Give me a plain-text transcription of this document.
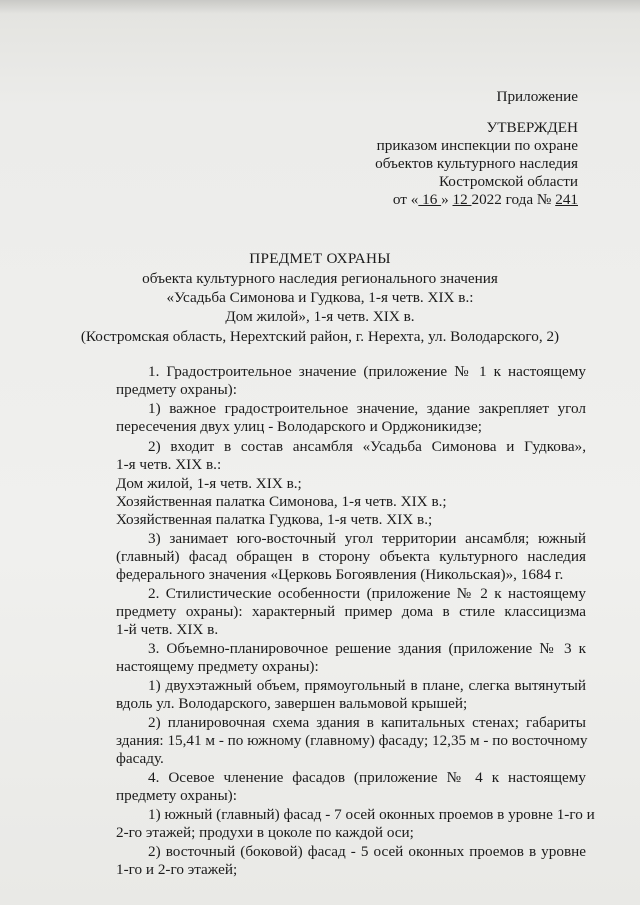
Приложение
УТВЕРЖДЕН
приказом инспекции по охране
объектов культурного наследия
Костромской области
от « 16 » 12 2022 года № 241
ПРЕДМЕТ ОХРАНЫ
объекта культурного наследия регионального значения
«Усадьба Симонова и Гудкова, 1-я четв. XIX в.:
Дом жилой», 1-я четв. XIX в.
(Костромская область, Нерехтский район, г. Нерехта, ул. Володарского, 2)
1. Градостроительное значение (приложение № 1 к настоящему
предмету охраны):
1) важное градостроительное значение, здание закрепляет угол
пересечения двух улиц - Володарского и Орджоникидзе;
2) входит в состав ансамбля «Усадьба Симонова и Гудкова»,
1-я четв. XIX в.:
Дом жилой, 1-я четв. XIX в.;
Хозяйственная палатка Симонова, 1-я четв. XIX в.;
Хозяйственная палатка Гудкова, 1-я четв. XIX в.;
3) занимает юго-восточный угол территории ансамбля; южный
(главный) фасад обращен в сторону объекта культурного наследия
федерального значения «Церковь Богоявления (Никольская)», 1684 г.
2. Стилистические особенности (приложение № 2 к настоящему
предмету охраны): характерный пример дома в стиле классицизма
1-й четв. XIX в.
3. Объемно-планировочное решение здания (приложение № 3 к
настоящему предмету охраны):
1) двухэтажный объем, прямоугольный в плане, слегка вытянутый
вдоль ул. Володарского, завершен вальмовой крышей;
2) планировочная схема здания в капитальных стенах; габариты
здания: 15,41 м - по южному (главному) фасаду; 12,35 м - по восточному
фасаду.
4. Осевое членение фасадов (приложение № 4 к настоящему
предмету охраны):
1) южный (главный) фасад - 7 осей оконных проемов в уровне 1-го и
2-го этажей; продухи в цоколе по каждой оси;
2) восточный (боковой) фасад - 5 осей оконных проемов в уровне
1-го и 2-го этажей;
